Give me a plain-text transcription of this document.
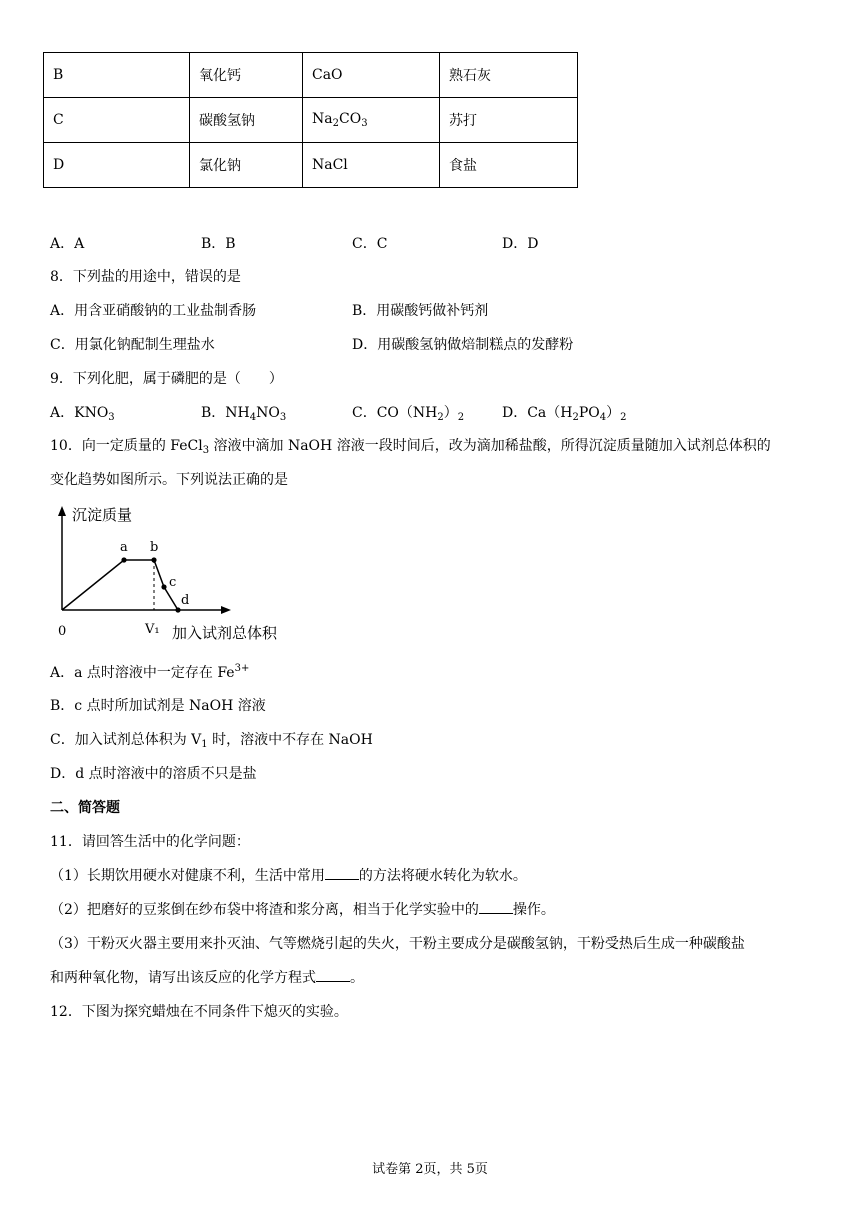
B	氧化钙	CaO	熟石灰
C	碳酸氢钠	$Na_2CO_3$	苏打
D	氯化钠	NaCl	食盐
A．A	B．B	C．C	D．D
8．下列盐的用途中，错误的是
A．用含亚硝酸钠的工业盐制香肠	B．用碳酸钙做补钙剂
C．用氯化钠配制生理盐水	D．用碳酸氢钠做焙制糕点的发酵粉
9．下列化肥，属于磷肥的是（　　）
A．$KNO_3$	B．$NH_4NO_3$	C．$CO(NH_2)_2$	D．$Ca(H_2PO_4)_2$
10．向一定质量的 FeCl$_3$ 溶液中滴加 NaOH 溶液一段时间后，改为滴加稀盐酸，所得沉淀质量随加入试剂总体积的
变化趋势如图所示。下列说法正确的是
a b
c
d
沉淀质量
加入试剂总体积
0	V₁
A．a 点时溶液中一定存在 $Fe^{3+}$
B．c 点时所加试剂是 NaOH 溶液
C．加入试剂总体积为 $V_1$ 时，溶液中不存在 NaOH
D．d 点时溶液中的溶质不只是盐
二、简答题
11．请回答生活中的化学问题：
（1）长期饮用硬水对健康不利，生活中常用 的方法将硬水转化为软水。
（2）把磨好的豆浆倒在纱布袋中将渣和浆分离，相当于化学实验中的 操作。
（3）干粉灭火器主要用来扑灭油、气等燃烧引起的失火，干粉主要成分是碳酸氢钠，干粉受热后生成一种碳酸盐
和两种氧化物，请写出该反应的化学方程式 。
12．下图为探究蜡烛在不同条件下熄灭的实验。
试卷第 2页，共 5页
